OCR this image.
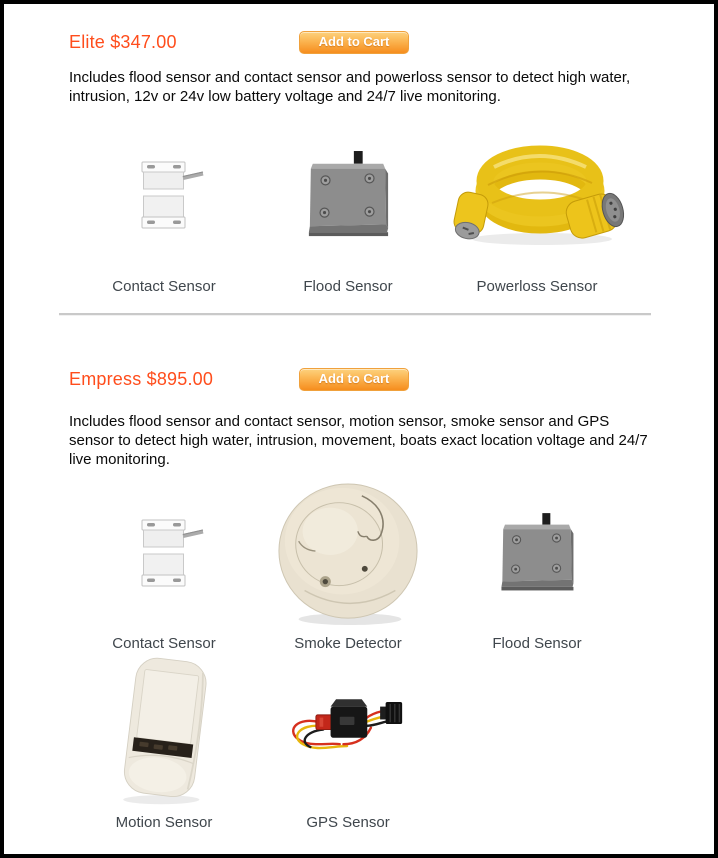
Elite $347.00	Add to Cart

Includes flood sensor and contact sensor and powerloss sensor to detect high water, intrusion, 12v or 24v low battery voltage and 24/7 live monitoring.

Contact Sensor	Flood Sensor	Powerloss Sensor
Empress $895.00	Add to Cart

Includes flood sensor and contact sensor, motion sensor, smoke sensor and GPS sensor to detect high water, intrusion, movement, boats exact location voltage and 24/7 live monitoring.

Contact Sensor	Smoke Detector	Flood Sensor
Motion Sensor	GPS Sensor
